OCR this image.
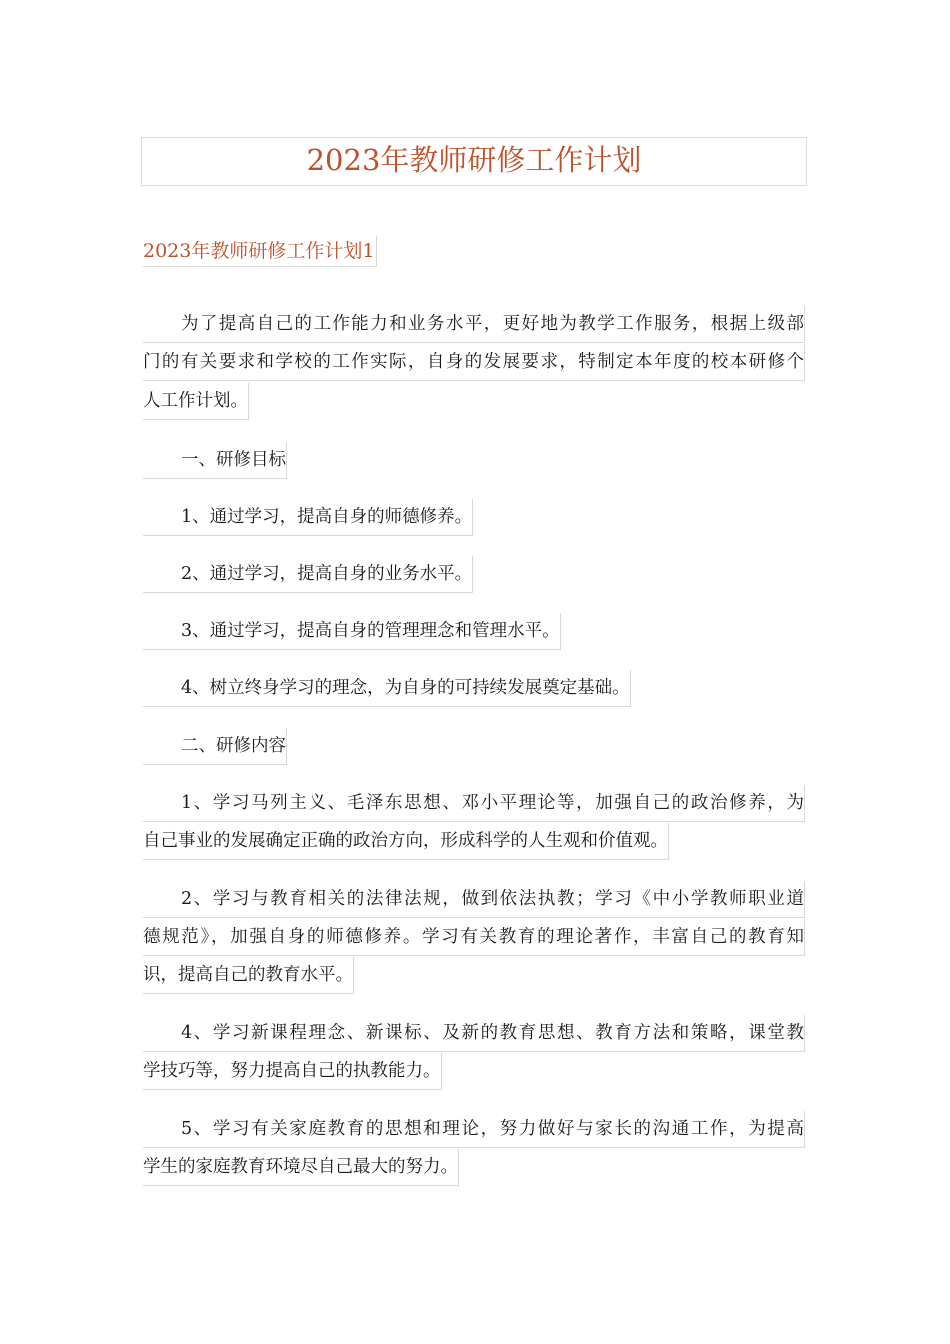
2023年教师研修工作计划
2023年教师研修工作计划1
为了提高自己的工作能力和业务水平，更好地为教学工作服务，根据上级部
门的有关要求和学校的工作实际，自身的发展要求，特制定本年度的校本研修个
人工作计划。
一、研修目标
1、通过学习，提高自身的师德修养。
2、通过学习，提高自身的业务水平。
3、通过学习，提高自身的管理理念和管理水平。
4、树立终身学习的理念，为自身的可持续发展奠定基础。
二、研修内容
1、学习马列主义、毛泽东思想、邓小平理论等，加强自己的政治修养，为
自己事业的发展确定正确的政治方向，形成科学的人生观和价值观。
2、学习与教育相关的法律法规，做到依法执教；学习《中小学教师职业道
德规范》，加强自身的师德修养。学习有关教育的理论著作，丰富自己的教育知
识，提高自己的教育水平。
4、学习新课程理念、新课标、及新的教育思想、教育方法和策略，课堂教
学技巧等，努力提高自己的执教能力。
5、学习有关家庭教育的思想和理论，努力做好与家长的沟通工作，为提高
学生的家庭教育环境尽自己最大的努力。
